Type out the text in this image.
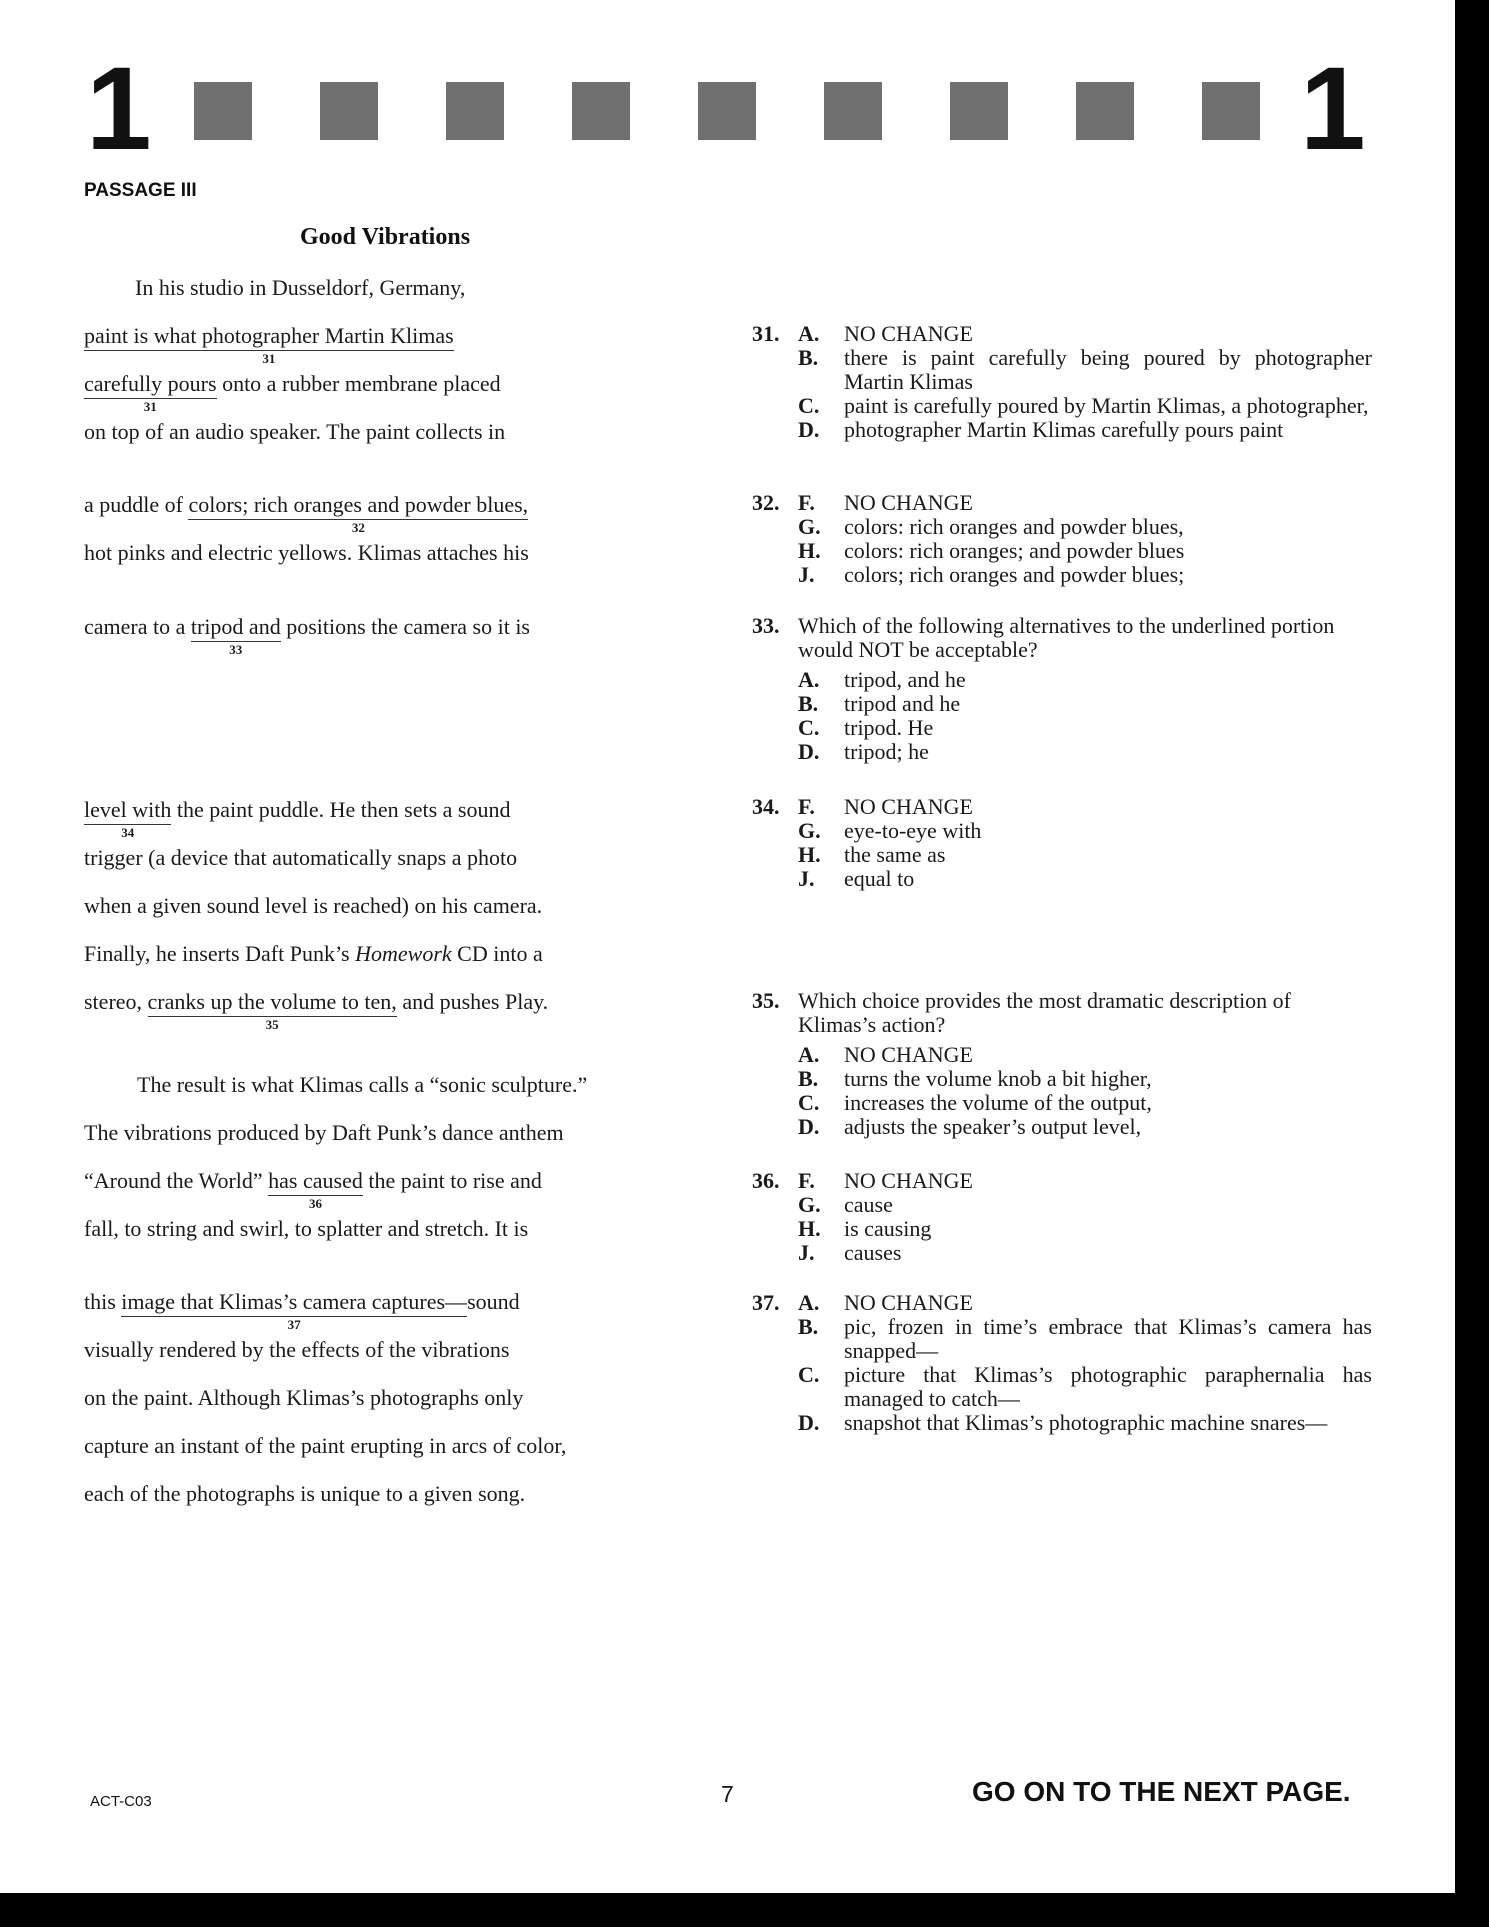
1	1
PASSAGE III
Good Vibrations
In his studio in Dusseldorf, Germany,
paint is what photographer Martin Klimas
31
carefully pours
31
onto a rubber membrane placed
on top of an audio speaker. The paint collects in
a puddle of colors; rich oranges and powder blues,
32
hot pinks and electric yellows. Klimas attaches his
camera to a tripod and
33
positions the camera so it is
level with
34
the paint puddle. He then sets a sound
trigger (a device that automatically snaps a photo
when a given sound level is reached) on his camera.
Finally, he inserts Daft Punk’s Homework CD into a
stereo, cranks up the volume to ten,
35
and pushes Play.
The result is what Klimas calls a “sonic sculpture.”
The vibrations produced by Daft Punk’s dance anthem
“Around the World” has caused
36
the paint to rise and
fall, to string and swirl, to splatter and stretch. It is
this image that Klimas’s camera captures—
37
sound
visually rendered by the effects of the vibrations
on the paint. Although Klimas’s photographs only
capture an instant of the paint erupting in arcs of color,
each of the photographs is unique to a given song.
31. A. NO CHANGE
B. there is paint carefully being poured by photographer Martin Klimas
C. paint is carefully poured by Martin Klimas, a photographer,
D. photographer Martin Klimas carefully pours paint
32. F. NO CHANGE
G. colors: rich oranges and powder blues,
H. colors: rich oranges; and powder blues
J. colors; rich oranges and powder blues;
33. Which of the following alternatives to the underlined portion would NOT be acceptable?
A. tripod, and he
B. tripod and he
C. tripod. He
D. tripod; he
34. F. NO CHANGE
G. eye-to-eye with
H. the same as
J. equal to
35. Which choice provides the most dramatic description of Klimas’s action?
A. NO CHANGE
B. turns the volume knob a bit higher,
C. increases the volume of the output,
D. adjusts the speaker’s output level,
36. F. NO CHANGE
G. cause
H. is causing
J. causes
37. A. NO CHANGE
B. pic, frozen in time’s embrace that Klimas’s camera has snapped—
C. picture that Klimas’s photographic paraphernalia has managed to catch—
D. snapshot that Klimas’s photographic machine snares—
ACT-C03	7	GO ON TO THE NEXT PAGE.
